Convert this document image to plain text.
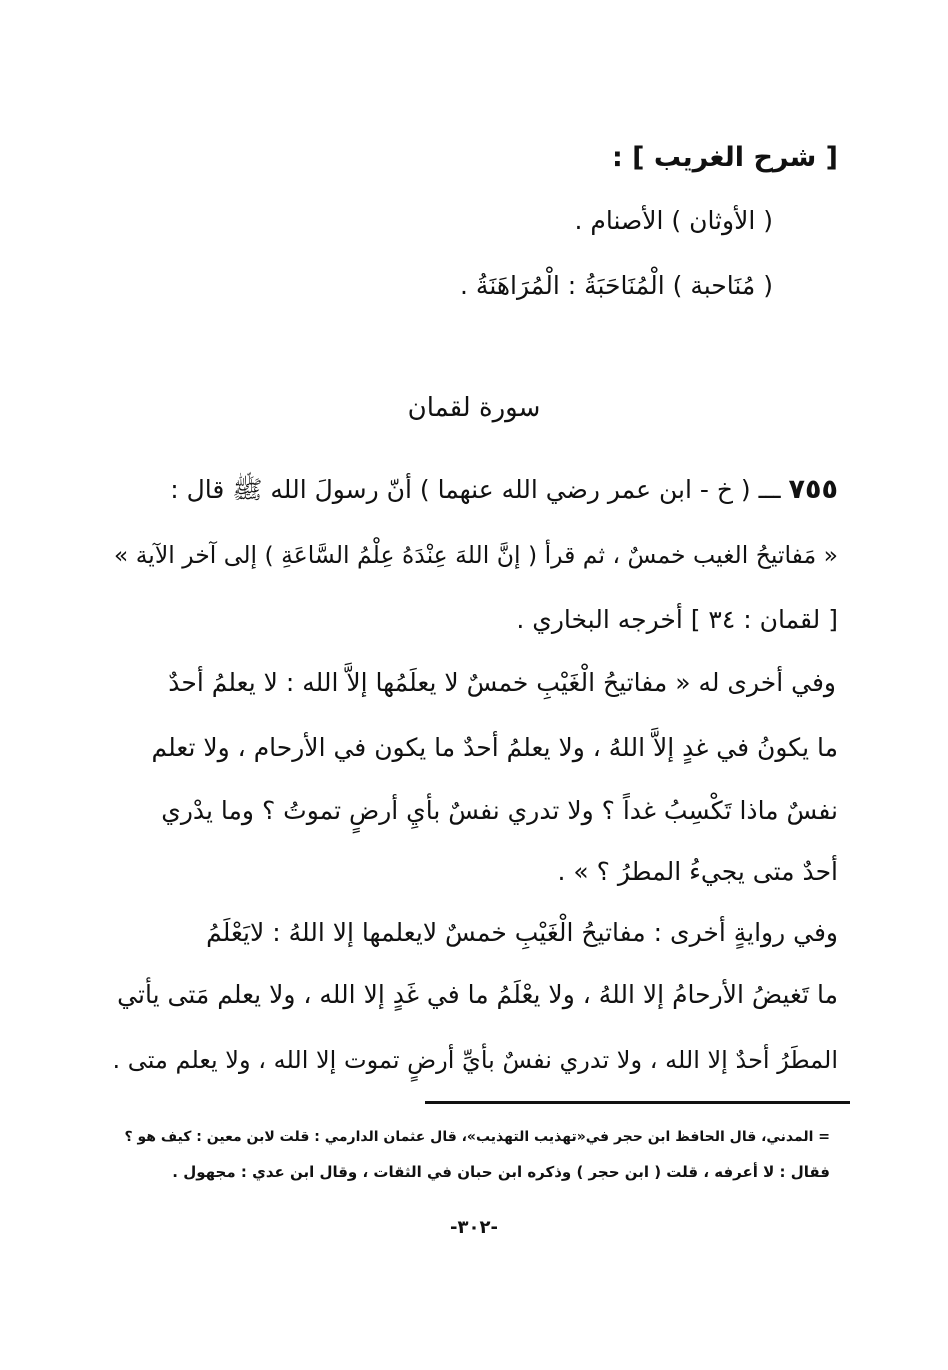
[ شرح الغريب ] :
( الأوثان ) الأصنام .
( مُنَاحبة ) الْمُنَاحَبَةُ : الْمُرَاهَنَةُ .
سورة لقمان
٧٥٥ ـــ ( خ - ابن عمر رضي الله عنهما ) أنّ رسولَ الله ﷺ قال :
« مَفاتيحُ الغيب خمسٌ ، ثم قرأ ( إنَّ اللهَ عِنْدَهُ عِلْمُ السَّاعَةِ ) إلى آخر الآية »
[ لقمان : ٣٤ ] أخرجه البخاري .
وفي أخرى له « مفاتيحُ الْغَيْبِ خمسٌ لا يعلَمُها إلاَّ الله : لا يعلمُ أحدٌ
ما يكونُ في غدٍ إلاَّ اللهُ ، ولا يعلمُ أحدٌ ما يكون في الأرحام ، ولا تعلم
نفسٌ ماذا تَكْسِبُ غداً ؟ ولا تدري نفسٌ بأيِ أرضٍ تموتُ ؟ وما يدْري
أحدٌ متى يجيءُ المطرُ ؟ » .
وفي روايةٍ أخرى : مفاتيحُ الْغَيْبِ خمسٌ لايعلمها إلا اللهُ : لايَعْلَمُ
ما تَغيضُ الأرحامُ إلا اللهُ ، ولا يعْلَمُ ما في غَدٍ إلا الله ، ولا يعلم مَتى يأتي
المطَرُ أحدٌ إلا الله ، ولا تدري نفسٌ بأيِّ أرضٍ تموت إلا الله ، ولا يعلم متى .
= المدني، قال الحافظ ابن حجر في«تهذيب التهذيب»، قال عثمان الدارمي : قلت لابن معين : كيف هو ؟
فقال : لا أعرفه ، قلت ( ابن حجر ) وذكره ابن حبان في الثقات ، وقال ابن عدي : مجهول .
-٣٠٢-
